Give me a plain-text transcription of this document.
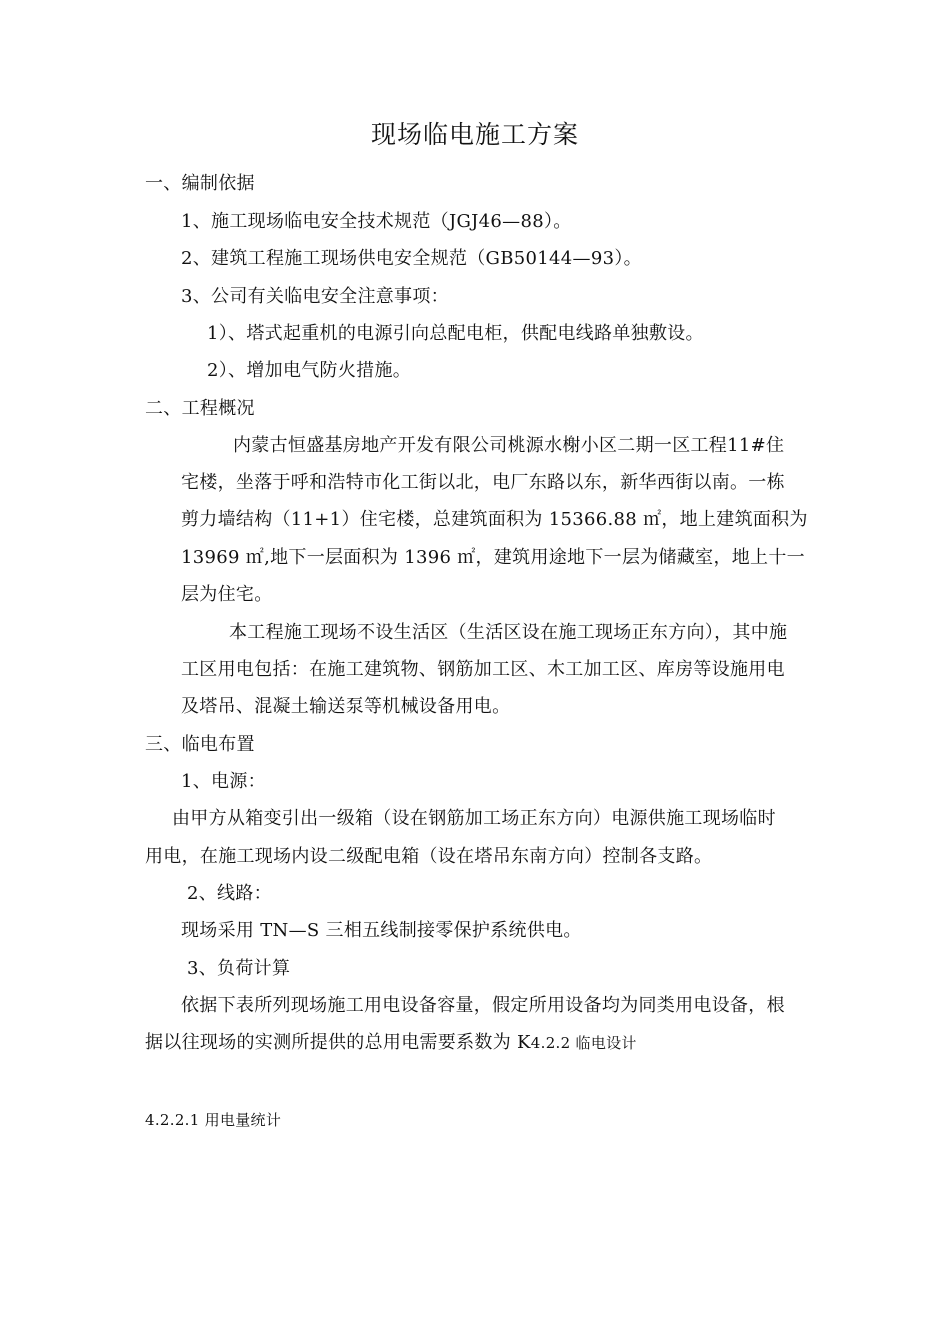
现场临电施工方案
一、编制依据
1、施工现场临电安全技术规范（JGJ46—88）。
2、建筑工程施工现场供电安全规范（GB50144—93）。
3、公司有关临电安全注意事项：
1）、塔式起重机的电源引向总配电柜，供配电线路单独敷设。
2）、增加电气防火措施。
二、工程概况
内蒙古恒盛基房地产开发有限公司桃源水榭小区二期一区工程11#住
宅楼，坐落于呼和浩特市化工街以北，电厂东路以东，新华西街以南。一栋
剪力墙结构（11+1）住宅楼，总建筑面积为 15366.88 ㎡，地上建筑面积为
13969 ㎡,地下一层面积为 1396 ㎡，建筑用途地下一层为储藏室，地上十一
层为住宅。
本工程施工现场不设生活区（生活区设在施工现场正东方向），其中施
工区用电包括：在施工建筑物、钢筋加工区、木工加工区、库房等设施用电
及塔吊、混凝土输送泵等机械设备用电。
三、临电布置
1、电源：
由甲方从箱变引出一级箱（设在钢筋加工场正东方向）电源供施工现场临时
用电，在施工现场内设二级配电箱（设在塔吊东南方向）控制各支路。
2、线路：
现场采用 TN—S 三相五线制接零保护系统供电。
3、负荷计算
依据下表所列现场施工用电设备容量，假定所用设备均为同类用电设备，根
据以往现场的实测所提供的总用电需要系数为 K4.2.2 临电设计
4.2.2.1 用电量统计
